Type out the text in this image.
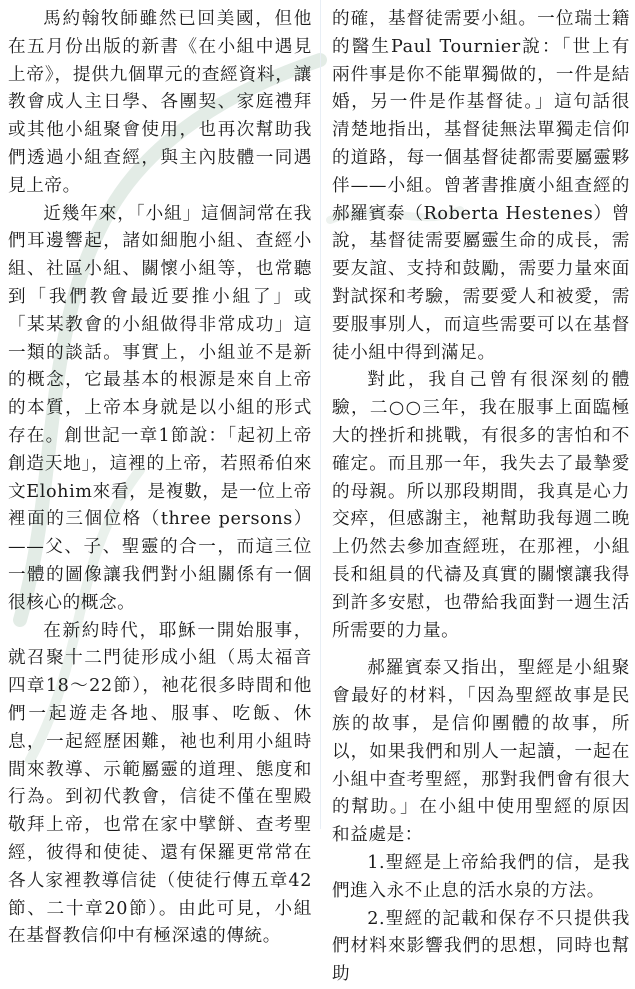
馬約翰牧師雖然已回美國，但他在五月份出版的新書《在小組中遇見上帝》，提供九個單元的查經資料，讓教會成人主日學、各團契、家庭禮拜或其他小組聚會使用，也再次幫助我們透過小組查經，與主內肢體一同遇見上帝。

近幾年來，「小組」這個詞常在我們耳邊響起，諸如細胞小組、查經小組、社區小組、關懷小組等，也常聽到「我們教會最近要推小組了」或「某某教會的小組做得非常成功」這一類的談話。事實上，小組並不是新的概念，它最基本的根源是來自上帝的本質，上帝本身就是以小組的形式存在。創世記一章1節說：「起初上帝創造天地」，這裡的上帝，若照希伯來文Elohim來看，是複數，是一位上帝裡面的三個位格（three persons）——父、子、聖靈的合一，而這三位一體的圖像讓我們對小組關係有一個很核心的概念。

在新約時代，耶穌一開始服事，就召聚十二門徒形成小組（馬太福音四章18～22節），祂花很多時間和他們一起遊走各地、服事、吃飯、休息，一起經歷困難，祂也利用小組時間來教導、示範屬靈的道理、態度和行為。到初代教會，信徒不僅在聖殿敬拜上帝，也常在家中擘餅、查考聖經，彼得和使徒、還有保羅更常常在各人家裡教導信徒（使徒行傳五章42節、二十章20節）。由此可見，小組在基督教信仰中有極深遠的傳統。

的確，基督徒需要小組。一位瑞士籍的醫生Paul Tournier說：「世上有兩件事是你不能單獨做的，一件是結婚，另一件是作基督徒。」這句話很清楚地指出，基督徒無法單獨走信仰的道路，每一個基督徒都需要屬靈夥伴——小組。曾著書推廣小組查經的郝羅賓泰（Roberta Hestenes）曾說，基督徒需要屬靈生命的成長，需要友誼、支持和鼓勵，需要力量來面對試探和考驗，需要愛人和被愛，需要服事別人，而這些需要可以在基督徒小組中得到滿足。

對此，我自己曾有很深刻的體驗，二○○三年，我在服事上面臨極大的挫折和挑戰，有很多的害怕和不確定。而且那一年，我失去了最摯愛的母親。所以那段期間，我真是心力交瘁，但感謝主，祂幫助我每週二晚上仍然去參加查經班，在那裡，小組長和組員的代禱及真實的關懷讓我得到許多安慰，也帶給我面對一週生活所需要的力量。

郝羅賓泰又指出，聖經是小組聚會最好的材料，「因為聖經故事是民族的故事，是信仰團體的故事，所以，如果我們和別人一起讀，一起在小組中查考聖經，那對我們會有很大的幫助。」在小組中使用聖經的原因和益處是：

1.聖經是上帝給我們的信，是我們進入永不止息的活水泉的方法。

2.聖經的記載和保存不只提供我們材料來影響我們的思想，同時也幫助
